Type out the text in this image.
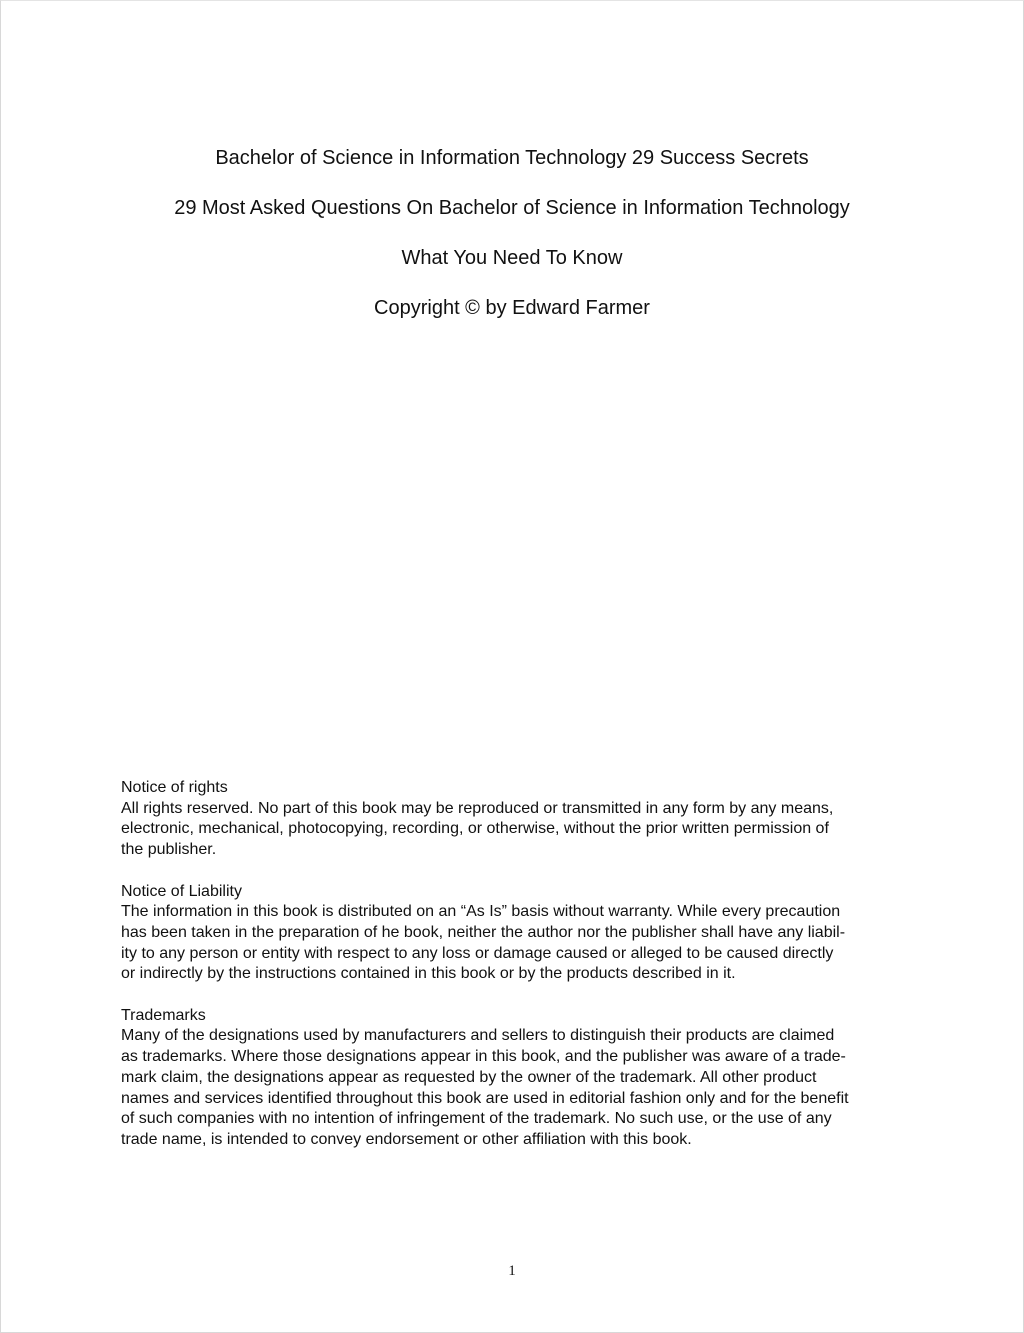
Bachelor of Science in Information Technology 29 Success Secrets
29 Most Asked Questions On Bachelor of Science in Information Technology
What You Need To Know
Copyright © by Edward Farmer
Notice of rights
All rights reserved. No part of this book may be reproduced or transmitted in any form by any means,
electronic, mechanical, photocopying, recording, or otherwise, without the prior written permission of
the publisher.
Notice of Liability
The information in this book is distributed on an “As Is” basis without warranty. While every precaution
has been taken in the preparation of he book, neither the author nor the publisher shall have any liabil-
ity to any person or entity with respect to any loss or damage caused or alleged to be caused directly
or indirectly by the instructions contained in this book or by the products described in it.
Trademarks
Many of the designations used by manufacturers and sellers to distinguish their products are claimed
as trademarks. Where those designations appear in this book, and the publisher was aware of a trade-
mark claim, the designations appear as requested by the owner of the trademark. All other product
names and services identified throughout this book are used in editorial fashion only and for the benefit
of such companies with no intention of infringement of the trademark. No such use, or the use of any
trade name, is intended to convey endorsement or other affiliation with this book.
1
